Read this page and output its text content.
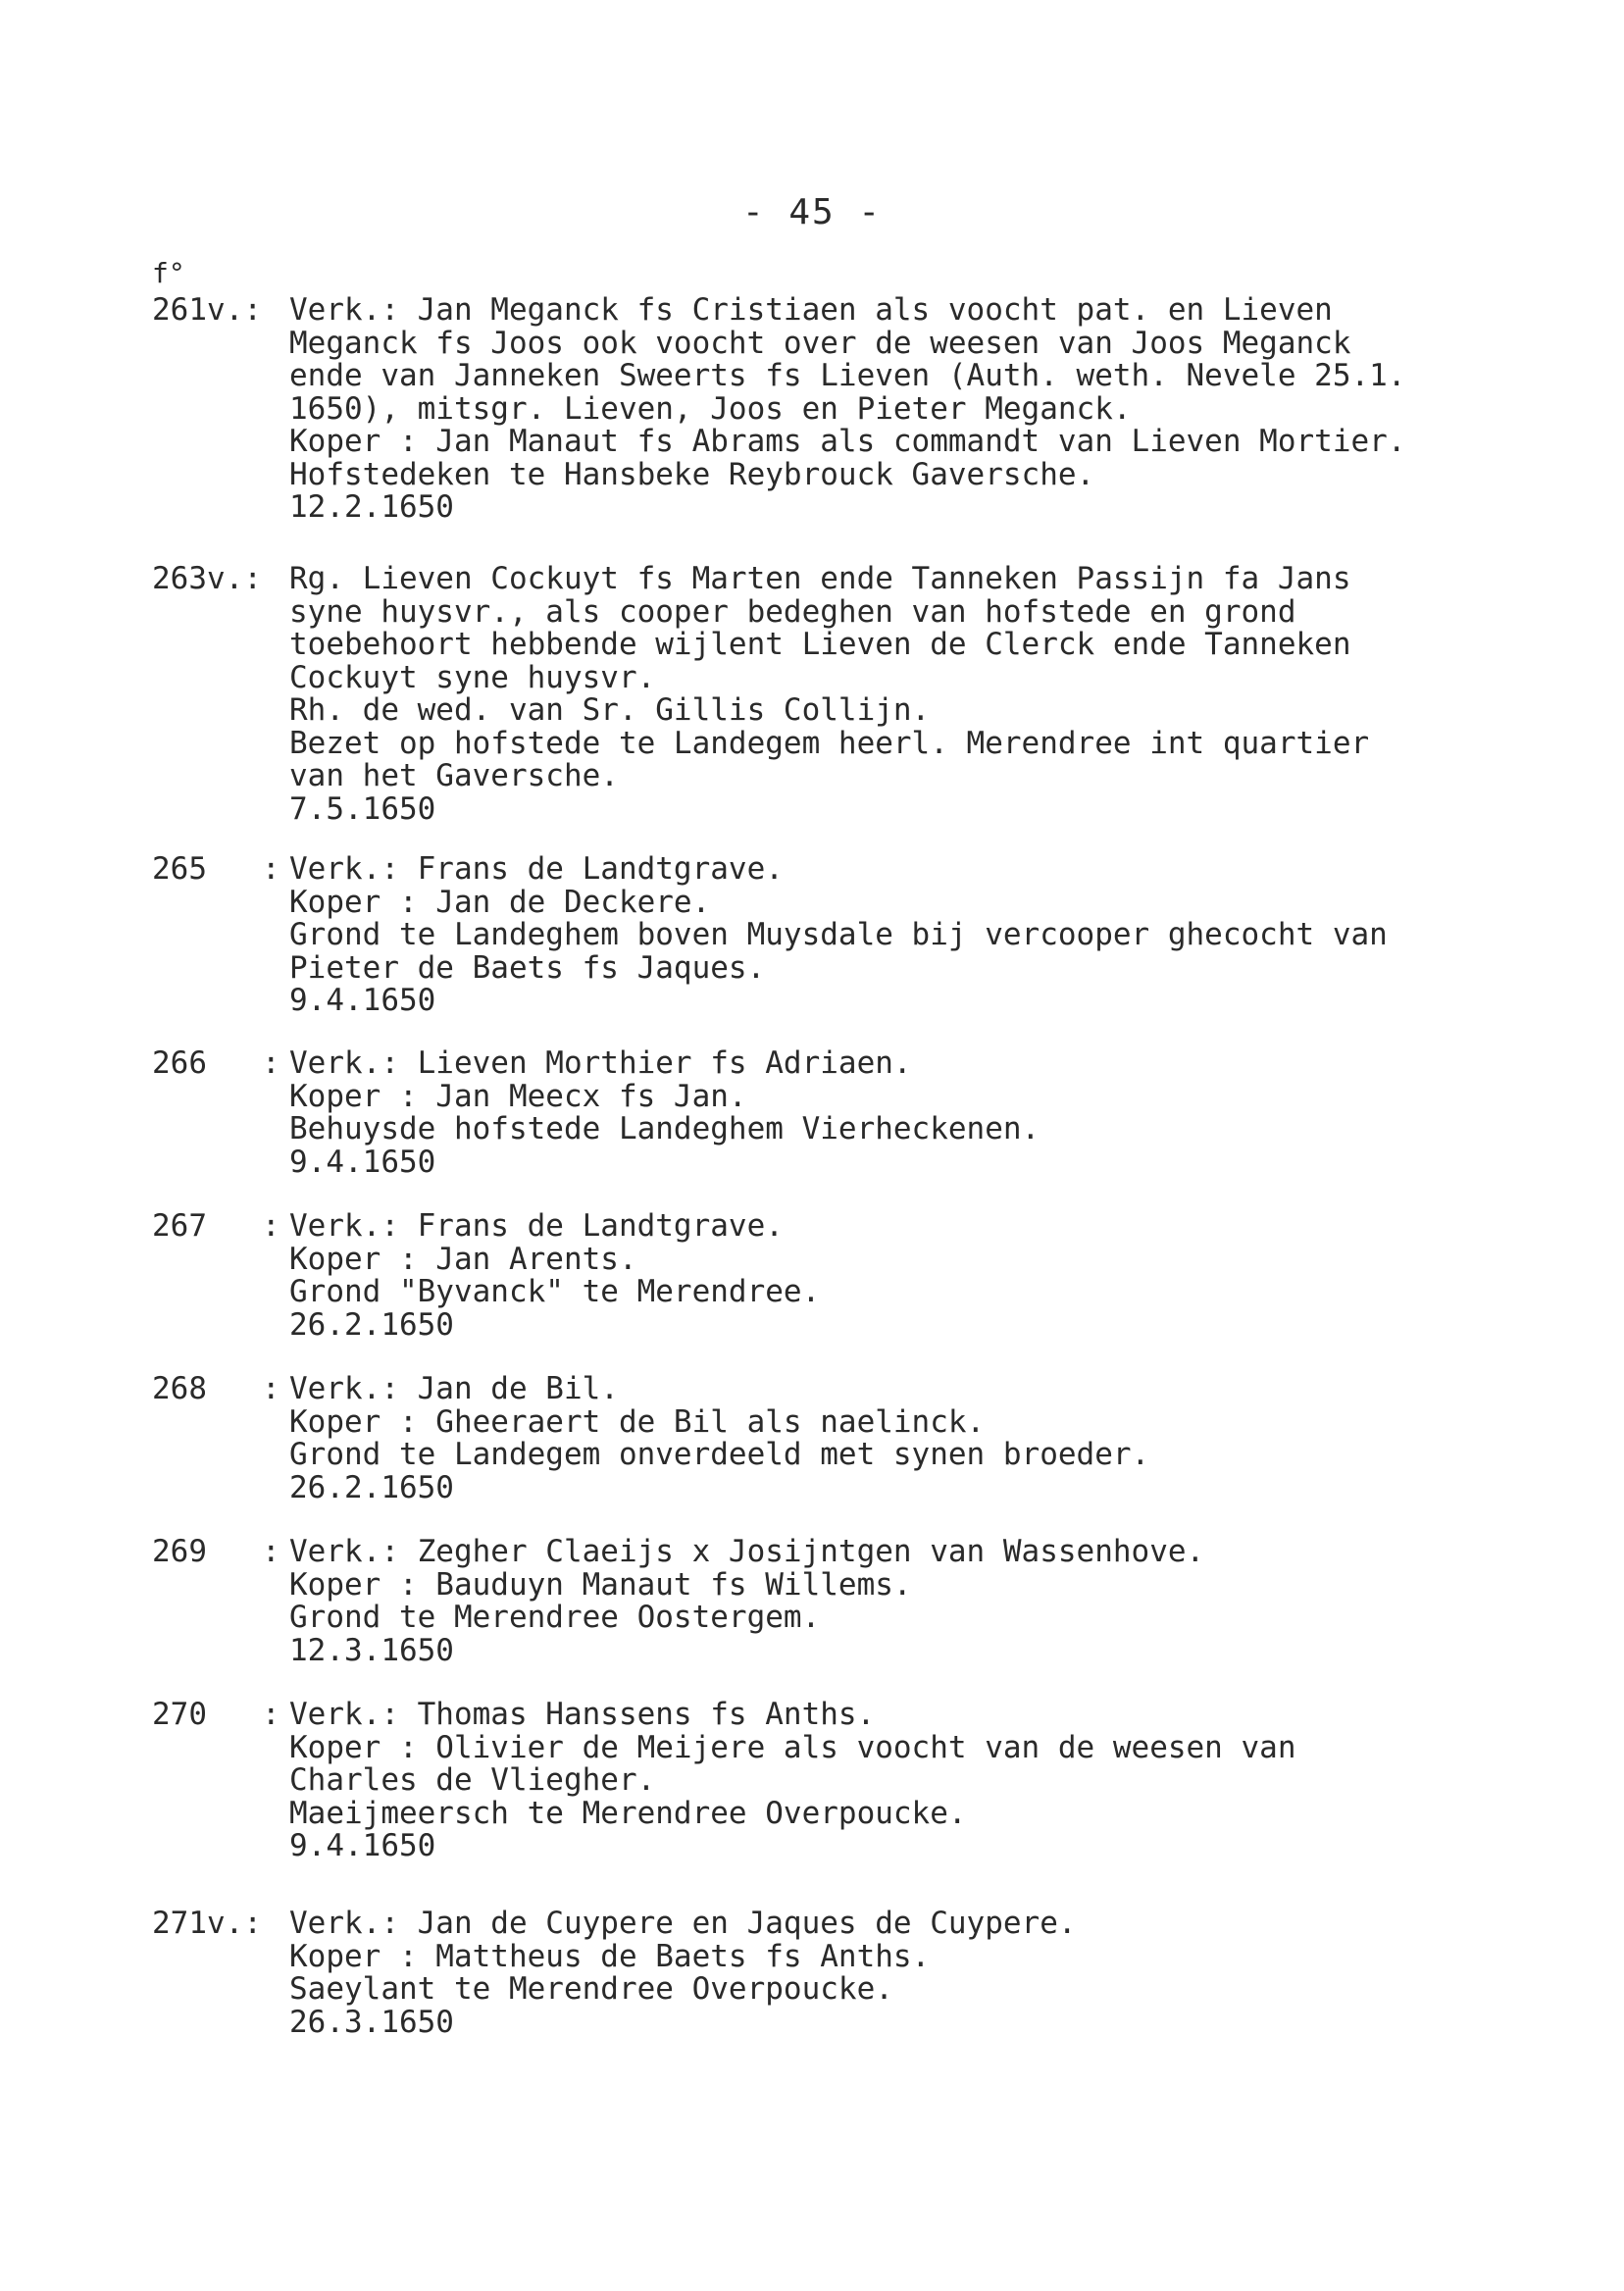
- 45 -
f°
261v.: Verk.: Jan Meganck fs Cristiaen als voocht pat. en Lieven
Meganck fs Joos ook voocht over de weesen van Joos Meganck
ende van Janneken Sweerts fs Lieven (Auth. weth. Nevele 25.1.
1650), mitsgr. Lieven, Joos en Pieter Meganck.
Koper : Jan Manaut fs Abrams als commandt van Lieven Mortier.
Hofstedeken te Hansbeke Reybrouck Gaversche.
12.2.1650
263v.: Rg. Lieven Cockuyt fs Marten ende Tanneken Passijn fa Jans
syne huysvr., als cooper bedeghen van hofstede en grond
toebehoort hebbende wijlent Lieven de Clerck ende Tanneken
Cockuyt syne huysvr.
Rh. de wed. van Sr. Gillis Collijn.
Bezet op hofstede te Landegem heerl. Merendree int quartier
van het Gaversche.
7.5.1650
265   : Verk.: Frans de Landtgrave.
Koper : Jan de Deckere.
Grond te Landeghem boven Muysdale bij vercooper ghecocht van
Pieter de Baets fs Jaques.
9.4.1650
266   : Verk.: Lieven Morthier fs Adriaen.
Koper : Jan Meecx fs Jan.
Behuysde hofstede Landeghem Vierheckenen.
9.4.1650
267   : Verk.: Frans de Landtgrave.
Koper : Jan Arents.
Grond "Byvanck" te Merendree.
26.2.1650
268   : Verk.: Jan de Bil.
Koper : Gheeraert de Bil als naelinck.
Grond te Landegem onverdeeld met synen broeder.
26.2.1650
269   : Verk.: Zegher Claeijs x Josijntgen van Wassenhove.
Koper : Bauduyn Manaut fs Willems.
Grond te Merendree Oostergem.
12.3.1650
270   : Verk.: Thomas Hanssens fs Anths.
Koper : Olivier de Meijere als voocht van de weesen van
Charles de Vliegher.
Maeijmeersch te Merendree Overpoucke.
9.4.1650
271v.: Verk.: Jan de Cuypere en Jaques de Cuypere.
Koper : Mattheus de Baets fs Anths.
Saeylant te Merendree Overpoucke.
26.3.1650
